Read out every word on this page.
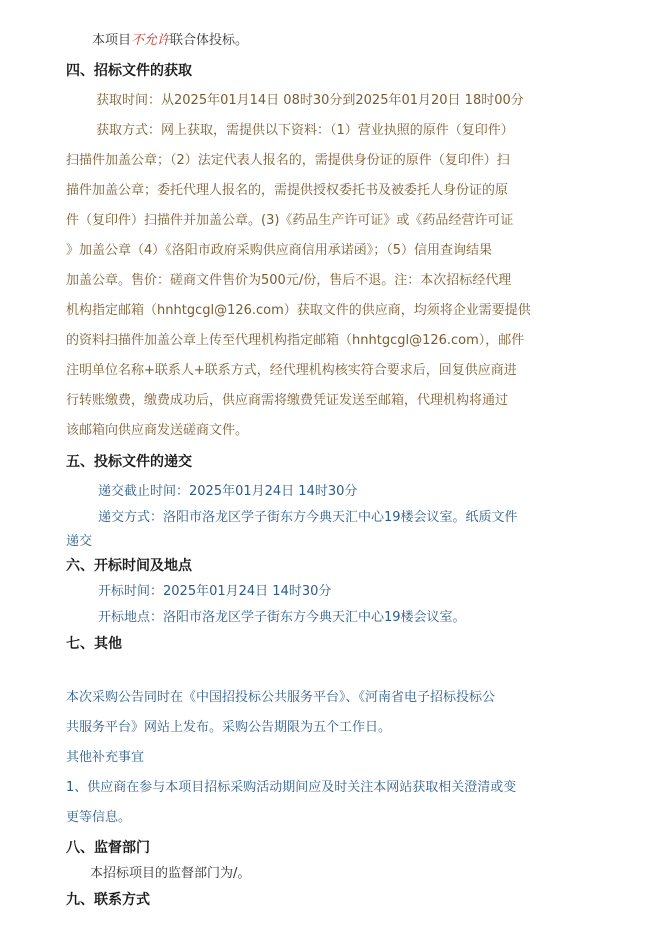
本项目不允许联合体投标。
四、招标文件的获取
获取时间：从2025年01月14日 08时30分到2025年01月20日 18时00分
获取方式：网上获取，需提供以下资料：（1）营业执照的原件（复印件）
扫描件加盖公章；（2）法定代表人报名的，需提供身份证的原件（复印件）扫
描件加盖公章；委托代理人报名的，需提供授权委托书及被委托人身份证的原
件（复印件）扫描件并加盖公章。(3)《药品生产许可证》或《药品经营许可证
》加盖公章（4）《洛阳市政府采购供应商信用承诺函》；（5）信用查询结果
加盖公章。售价：磋商文件售价为500元/份，售后不退。注：本次招标经代理
机构指定邮箱（hnhtgcgl@126.com）获取文件的供应商，均须将企业需要提供
的资料扫描件加盖公章上传至代理机构指定邮箱（hnhtgcgl@126.com），邮件
注明单位名称+联系人+联系方式，经代理机构核实符合要求后，回复供应商进
行转账缴费，缴费成功后，供应商需将缴费凭证发送至邮箱，代理机构将通过
该邮箱向供应商发送磋商文件。
五、投标文件的递交
递交截止时间：2025年01月24日 14时30分
递交方式：洛阳市洛龙区学子街东方今典天汇中心19楼会议室。纸质文件
递交
六、开标时间及地点
开标时间：2025年01月24日 14时30分
开标地点：洛阳市洛龙区学子街东方今典天汇中心19楼会议室。
七、其他
本次采购公告同时在《中国招投标公共服务平台》、《河南省电子招标投标公
共服务平台》网站上发布。采购公告期限为五个工作日。
其他补充事宜
1、供应商在参与本项目招标采购活动期间应及时关注本网站获取相关澄清或变
更等信息。
八、监督部门
本招标项目的监督部门为/。
九、联系方式
